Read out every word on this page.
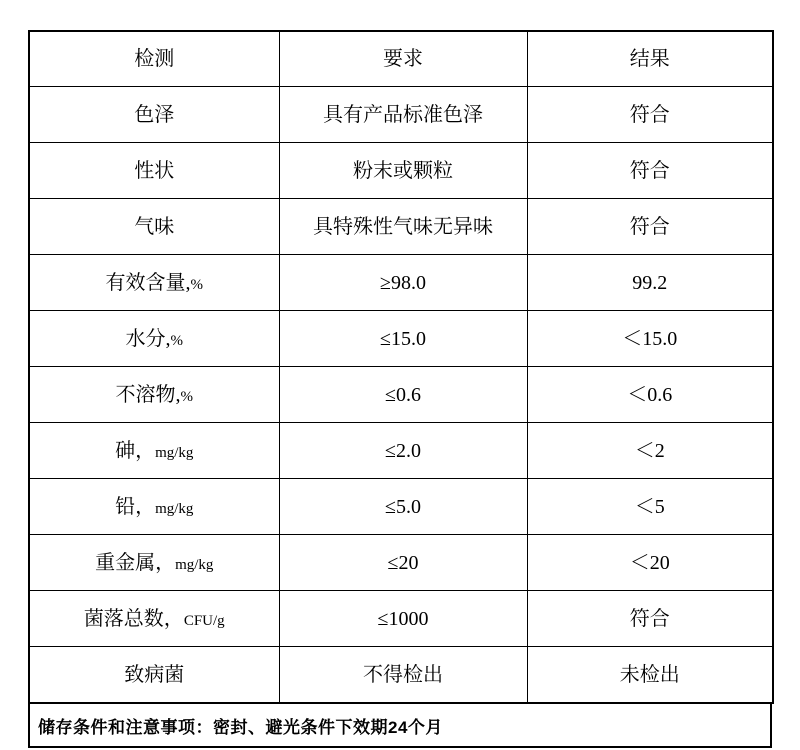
检测	要求	结果
色泽	具有产品标准色泽	符合
性状	粉末或颗粒	符合
气味	具特殊性气味无异味	符合
有效含量,%	≥98.0	99.2
水分,%	≤15.0	＜15.0
不溶物,%	≤0.6	＜0.6
砷，mg/kg	≤2.0	＜2
铅，mg/kg	≤5.0	＜5
重金属，mg/kg	≤20	＜20
菌落总数，CFU/g	≤1000	符合
致病菌	不得检出	未检出
储存条件和注意事项：密封、避光条件下效期24个月
